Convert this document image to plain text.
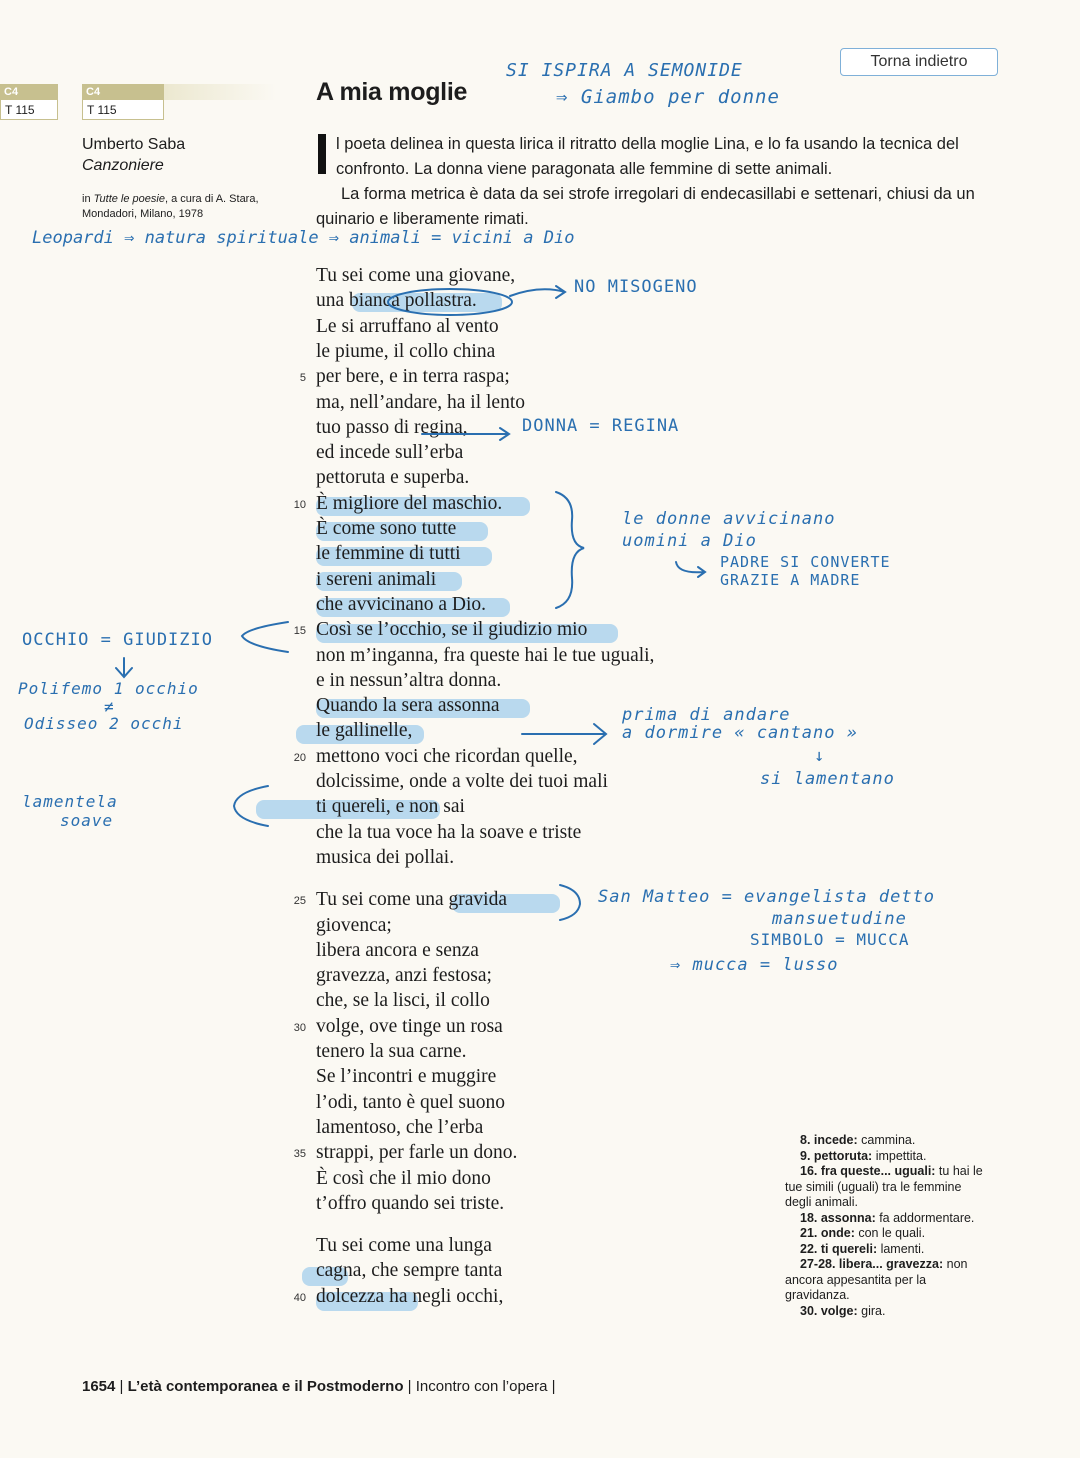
C4
T 115
C4
T 115
Torna indietro
A mia moglie
Umberto Saba
Canzoniere
in Tutte le poesie, a cura di A. Stara,
Mondadori, Milano, 1978
l poeta delinea in questa lirica il ritratto della moglie Lina, e lo fa usando la tecnica del confronto. La donna viene paragonata alle femmine di sette animali.
La forma metrica è data da sei strofe irregolari di endecasillabi e settenari, chiusi da un quinario e liberamente rimati.
Tu sei come una giovane,
una bianca pollastra.
Le si arruffano al vento
le piume, il collo china
per bere, e in terra raspa;
5
ma, nell’andare, ha il lento
tuo passo di regina,
ed incede sull’erba
pettoruta e superba.
È migliore del maschio.
10
È come sono tutte
le femmine di tutti
i sereni animali
che avvicinano a Dio.
Così se l’occhio, se il giudizio mio
15
non m’inganna, fra queste hai le tue uguali,
e in nessun’altra donna.
Quando la sera assonna
le gallinelle,
mettono voci che ricordan quelle,
20
dolcissime, onde a volte dei tuoi mali
ti quereli, e non sai
che la tua voce ha la soave e triste
musica dei pollai.
Tu sei come una gravida
25
giovenca;
libera ancora e senza
gravezza, anzi festosa;
che, se la lisci, il collo
volge, ove tinge un rosa
30
tenero la sua carne.
Se l’incontri e muggire
l’odi, tanto è quel suono
lamentoso, che l’erba
strappi, per farle un dono.
35
È così che il mio dono
t’offro quando sei triste.
Tu sei come una lunga
cagna, che sempre tanta
dolcezza ha negli occhi,
40
SI ISPIRA A SEMONIDE
⇒ Giambo per donne
Leopardi ⇒ natura spirituale ⇒ animali = vicini a Dio
NO MISOGENO
DONNA = REGINA
le donne avvicinano
uomini a Dio
PADRE SI CONVERTE
GRAZIE A MADRE
OCCHIO = GIUDIZIO
Polifemo 1 occhio
≠
Odisseo 2 occhi
lamentela
soave
prima di andare
a dormire « cantano »
↓
si lamentano
San Matteo = evangelista detto
mansuetudine
SIMBOLO = MUCCA
⇒ mucca = lusso
8. incede: cammina.
9. pettoruta: impettita.
16. fra queste... uguali: tu hai le tue simili (uguali) tra le femmine degli animali.
18. assonna: fa addormentare.
21. onde: con le quali.
22. ti quereli: lamenti.
27-28. libera... gravezza: non ancora appesantita per la gravidanza.
30. volge: gira.
1654 | L’età contemporanea e il Postmoderno | Incontro con l’opera |
